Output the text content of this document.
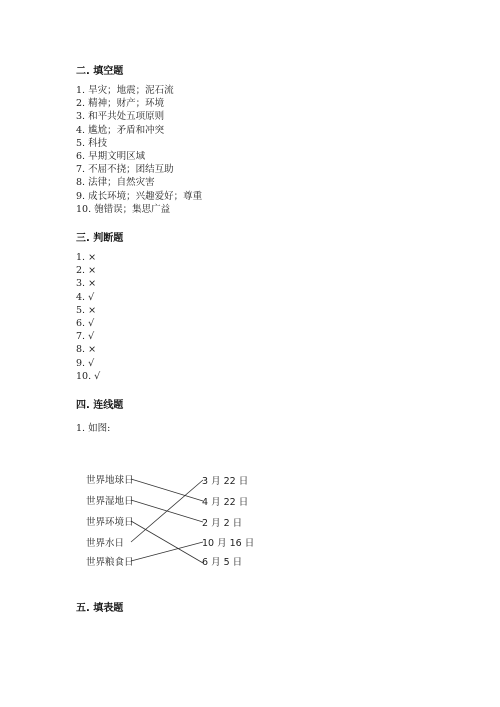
二. 填空题
1. 旱灾；地震；泥石流
2. 精神；财产；环境
3. 和平共处五项原则
4. 尴尬；矛盾和冲突
5. 科技
6. 早期文明区域
7. 不屈不挠；团结互助
8. 法律；自然灾害
9. 成长环境；兴趣爱好；尊重
10. 匏错误；集思广益
三. 判断题
1. ×
2. ×
3. ×
4. √
5. ×
6. √
7. √
8. ×
9. √
10. √
四. 连线题
1. 如图:
世界地球日
世界湿地日
世界环境日
世界水日
世界粮食日
3 月 22 日
4 月 22 日
2 月 2 日
10 月 16 日
6 月 5 日
五. 填表题
